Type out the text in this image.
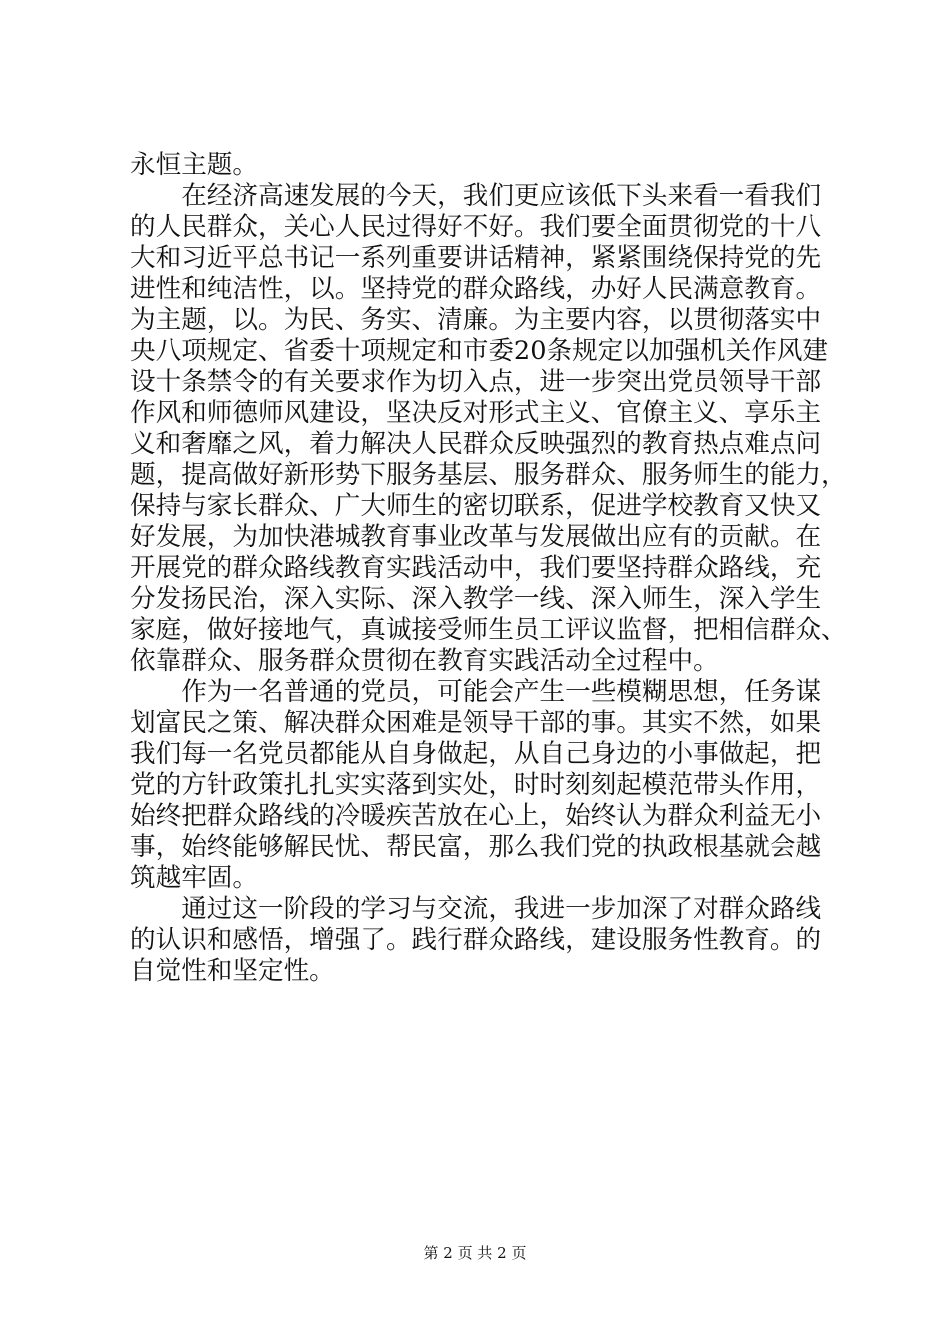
永恒主题。

　　在经济高速发展的今天，我们更应该低下头来看一看我们

的人民群众，关心人民过得好不好。我们要全面贯彻党的十八

大和习近平总书记一系列重要讲话精神，紧紧围绕保持党的先

进性和纯洁性，以。坚持党的群众路线，办好人民满意教育。

为主题，以。为民、务实、清廉。为主要内容，以贯彻落实中

央八项规定、省委十项规定和市委20条规定以加强机关作风建

设十条禁令的有关要求作为切入点，进一步突出党员领导干部

作风和师德师风建设，坚决反对形式主义、官僚主义、享乐主

义和奢靡之风，着力解决人民群众反映强烈的教育热点难点问

题，提高做好新形势下服务基层、服务群众、服务师生的能力，

保持与家长群众、广大师生的密切联系，促进学校教育又快又

好发展，为加快港城教育事业改革与发展做出应有的贡献。在

开展党的群众路线教育实践活动中，我们要坚持群众路线，充

分发扬民治，深入实际、深入教学一线、深入师生，深入学生

家庭，做好接地气，真诚接受师生员工评议监督，把相信群众、

依靠群众、服务群众贯彻在教育实践活动全过程中。

　　作为一名普通的党员，可能会产生一些模糊思想，任务谋

划富民之策、解决群众困难是领导干部的事。其实不然，如果

我们每一名党员都能从自身做起，从自己身边的小事做起，把

党的方针政策扎扎实实落到实处，时时刻刻起模范带头作用，

始终把群众路线的冷暖疾苦放在心上，始终认为群众利益无小

事，始终能够解民忧、帮民富，那么我们党的执政根基就会越

筑越牢固。

　　通过这一阶段的学习与交流，我进一步加深了对群众路线

的认识和感悟，增强了。践行群众路线，建设服务性教育。的

自觉性和坚定性。

第 2 页 共 2 页
